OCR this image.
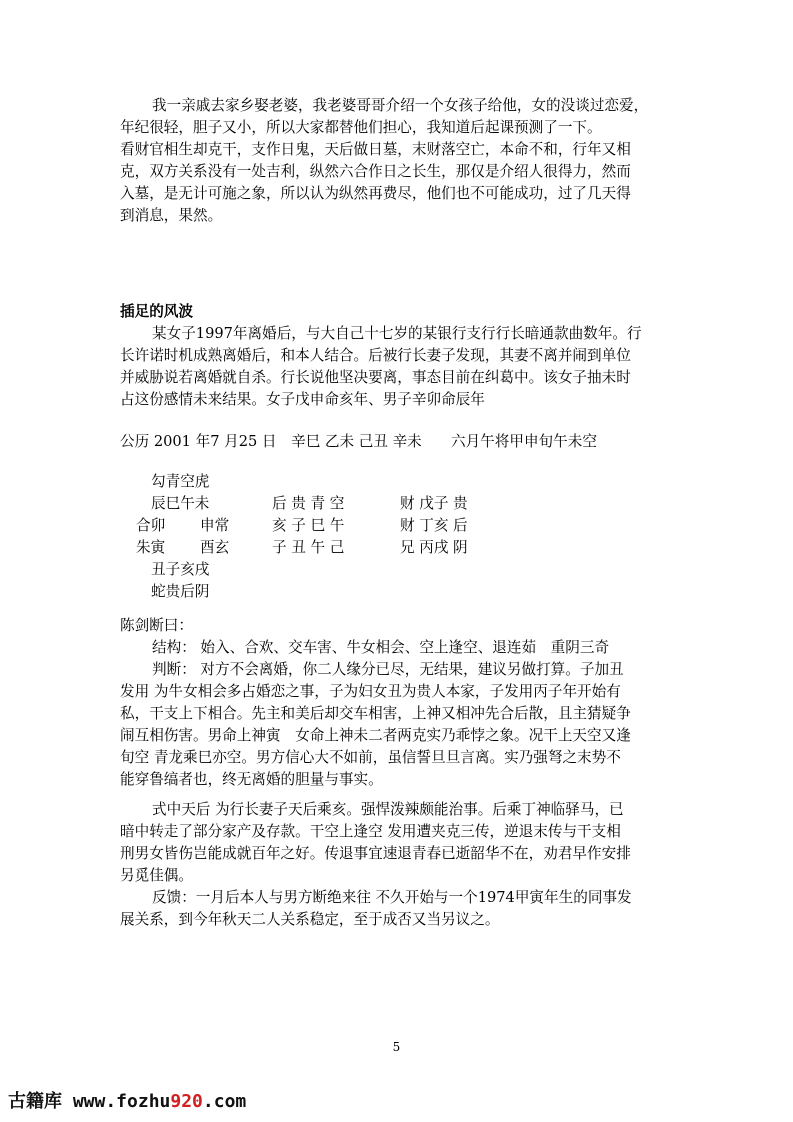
我一亲戚去家乡娶老婆，我老婆哥哥介绍一个女孩子给他，女的没谈过恋爱，
年纪很轻，胆子又小，所以大家都替他们担心，我知道后起课预测了一下。
看财官相生却克干，支作日鬼，天后做日墓，末财落空亡，本命不和，行年又相
克，双方关系没有一处吉利，纵然六合作日之长生，那仅是介绍人很得力，然而
入墓，是无计可施之象，所以认为纵然再费尽，他们也不可能成功，过了几天得
到消息，果然。
插足的风波
某女子1997年离婚后，与大自己十七岁的某银行支行行长暗通款曲数年。行
长许诺时机成熟离婚后，和本人结合。后被行长妻子发现，其妻不离并闹到单位
并威胁说若离婚就自杀。行长说他坚决要离，事态目前在纠葛中。该女子抽未时
占这份感情未来结果。女子戊申命亥年、男子辛卯命辰年
公历 2001 年7 月25 日　辛巳 乙未 己丑 辛未　　六月午将甲申旬午未空
勾青空虎
辰巳午未
合卯 申常
朱寅 酉玄
丑子亥戌
蛇贵后阴
后 贵 青 空
亥 子 巳 午
子 丑 午 己
财 戊子 贵
财 丁亥 后
兄 丙戌 阴
陈剑断曰：
结构： 始入、合欢、交车害、牛女相会、空上逢空、退连茹　重阴三奇
判断： 对方不会离婚，你二人缘分已尽，无结果，建议另做打算。子加丑
发用 为牛女相会多占婚恋之事，子为妇女丑为贵人本家，子发用丙子年开始有
私，干支上下相合。先主和美后却交车相害，上神又相冲先合后散，且主猜疑争
闹互相伤害。男命上神寅　女命上神未二者两克实乃乖悖之象。况干上天空又逢
旬空 青龙乘巳亦空。男方信心大不如前，虽信誓旦旦言离。实乃强弩之末势不
能穿鲁缟者也，终无离婚的胆量与事实。
式中天后 为行长妻子天后乘亥。强悍泼辣颇能治事。后乘丁神临驿马，已
暗中转走了部分家产及存款。干空上逢空 发用遭夹克三传，逆退末传与干支相
刑男女皆伤岂能成就百年之好。传退事宜速退青春已逝韶华不在，劝君早作安排
另觅佳偶。
反馈：一月后本人与男方断绝来往 不久开始与一个1974甲寅年生的同事发
展关系，到今年秋天二人关系稳定，至于成否又当另议之。
5
古籍库 www.fozhu920.com
